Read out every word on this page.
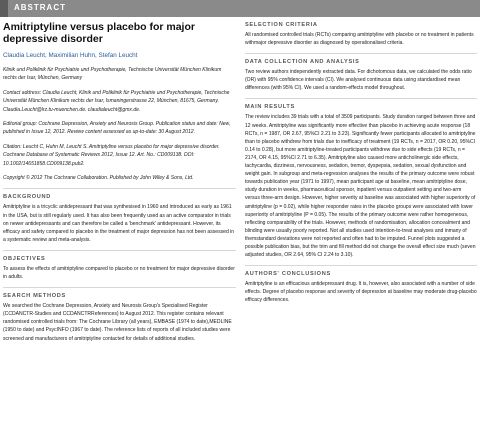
ABSTRACT
Amitriptyline versus placebo for major depressive disorder
Claudia Leucht, Maximilian Huhn, Stefan Leucht

Klinik und Poliklinik für Psychiatrie und Psychotherapie, Technische Universität München Klinikum rechts der Isar, München, Germany

Contact address: Claudia Leucht, Klinik und Poliklinik für Psychiatrie und Psychotherapie, Technische Universität München Klinikum rechts der Isar, Ismaningerstrasse 22, München, 81675, Germany. Claudia.Leucht@lrz.tu-muenchen.de. claudialeucht@gmx.de.

Editorial group: Cochrane Depression, Anxiety and Neurosis Group. Publication status and date: New, published in Issue 12, 2012. Review content assessed as up-to-date: 30 August 2012.

Citation: Leucht C, Huhn M, Leucht S. Amitriptyline versus placebo for major depressive disorder. Cochrane Database of Systematic Reviews 2012, Issue 12. Art. No.: CD009138. DOI: 10.1002/14651858.CD009138.pub2.

Copyright © 2012 The Cochrane Collaboration. Published by John Wiley & Sons, Ltd.

BACKGROUND
Amitriptyline is a tricyclic antidepressant that was synthesised in 1960 and introduced as early as 1961 in the USA, but is still regularly used. It has also been frequently used as an active comparator in trials on newer antidepressants and can therefore be called a 'benchmark' antidepressant. However, its efficacy and safety compared to placebo in the treatment of major depression has not been assessed in a systematic review and meta-analysis.
OBJECTIVES
To assess the effects of amitriptyline compared to placebo or no treatment for major depressive disorder in adults.
SEARCH METHODS
We searched the Cochrane Depression, Anxiety and Neurosis Group's Specialised Register (CCDANCTR-Studies and CCDANCTRReferences) to August 2012. This register contains relevant randomised controlled trials from: The Cochrane Library (all years), EMBASE (1974 to date),MEDLINE (1950 to date) and PsycINFO (1967 to date). The reference lists of reports of all included studies were screened and manufacturers of amitriptyline contacted for details of additional studies.
SELECTION CRITERIA
All randomised controlled trials (RCTs) comparing amitriptyline with placebo or no treatment in patients withmajor depressive disorder as diagnosed by operationalised criteria.
DATA COLLECTION AND ANALYSIS
Two review authors independently extracted data. For dichotomous data, we calculated the odds ratio (OR) with 95% confidence intervals (CI). We analysed continuous data using standardised mean differences (with 95% CI). We used a random-effects model throughout.
MAIN RESULTS
The review includes 39 trials with a total of 3509 participants. Study duration ranged between three and 12 weeks. Amitriptyline was significantly more effective than placebo in achieving acute response (18 RCTs, n = 1987, OR 2.67, 95%CI 2.21 to 3.23). Significantly fewer participants allocated to amitriptyline than to placebo withdrew from trials due to inefficacy of treatment (19 RCTs, n = 2017, OR 0.20, 95%CI 0.14 to 0.28), but more amitriptyline-treated participants withdrew due to side effects (19 RCTs, n = 2174, OR 4.15, 95%CI 2.71 to 6.35). Amitriptyline also caused more anticholinergic side effects, tachycardia, dizziness, nervousness, sedation, tremor, dyspepsia, sedation, sexual dysfunction and weight gain. In subgroup and meta-regression analyses the results of the primary outcome were robust towards publication year (1971 to 1997), mean participant age at baseline, mean amitriptyline dose, study duration in weeks, pharmaceutical sponsor, inpatient versus outpatient setting and two-arm versus three-arm design. However, higher severity at baseline was associated with higher superiority of amitriptyline (p = 0.02), while higher responder rates in the placebo groups were associated with lower superiority of amitriptyline (P = 0.05). The results of the primary outcome were rather homogeneous, reflecting comparability of the trials. However, methods of randomisation, allocation concealment and blinding were usually poorly reported. Not all studies used intention-to-treat analyses and inmany of themstandard deviations were not reported and often had to be imputed. Funnel plots suggested a possible publication bias, but the trim and fill method did not change the overall effect size much (seven adjusted studies, OR 2.64, 95% CI 2.24 to 3.10).
AUTHORS' CONCLUSIONS
Amitriptyline is an efficacious antidepressant drug. It is, however, also associated with a number of side effects. Degree of placebo response and severity of depression at baseline may moderate drug-placebo efficacy differences.
